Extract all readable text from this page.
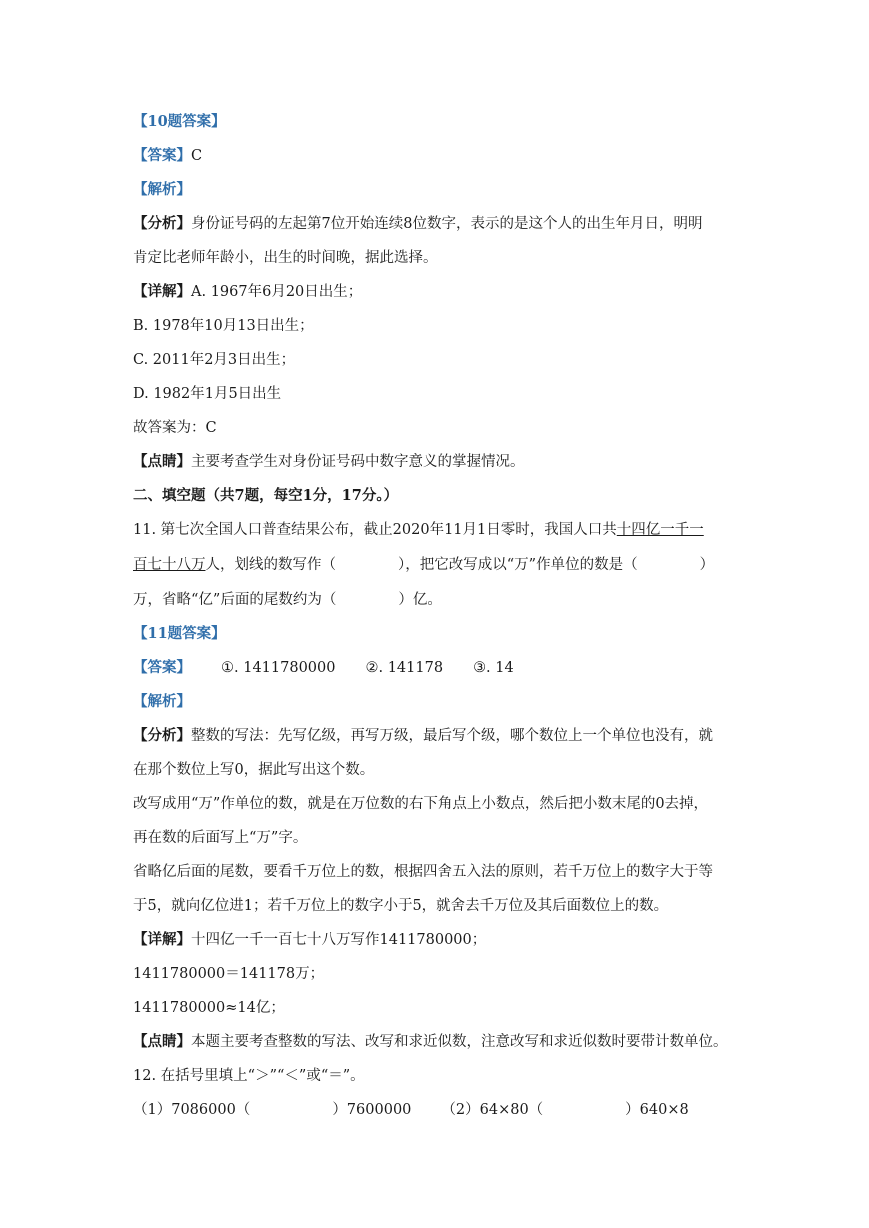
【10题答案】
【答案】C
【解析】
【分析】身份证号码的左起第7位开始连续8位数字，表示的是这个人的出生年月日，明明
肯定比老师年龄小，出生的时间晚，据此选择。
【详解】A. 1967年6月20日出生；
B. 1978年10月13日出生；
C. 2011年2月3日出生；
D. 1982年1月5日出生
故答案为：C
【点睛】主要考查学生对身份证号码中数字意义的掌握情况。
二、填空题（共7题，每空1分，17分。）
11. 第七次全国人口普查结果公布，截止2020年11月1日零时，我国人口共十四亿一千一
百七十八万人，划线的数写作（	），把它改写成以“万”作单位的数是（	）
万，省略“亿”后面的尾数约为（	）亿。
【11题答案】
【答案】 ①. 1411780000 ②. 141178 ③. 14
【解析】
【分析】整数的写法：先写亿级，再写万级，最后写个级，哪个数位上一个单位也没有，就
在那个数位上写0，据此写出这个数。
改写成用“万”作单位的数，就是在万位数的右下角点上小数点，然后把小数末尾的0去掉，
再在数的后面写上“万”字。
省略亿后面的尾数，要看千万位上的数，根据四舍五入法的原则，若千万位上的数字大于等
于5，就向亿位进1；若千万位上的数字小于5，就舍去千万位及其后面数位上的数。
【详解】十四亿一千一百七十八万写作1411780000；
1411780000＝141178万；
1411780000≈14亿；
【点睛】本题主要考查整数的写法、改写和求近似数，注意改写和求近似数时要带计数单位。
12. 在括号里填上“＞”“＜”或“＝”。
（1）7086000（	）7600000 （2）64×80（	）640×8
